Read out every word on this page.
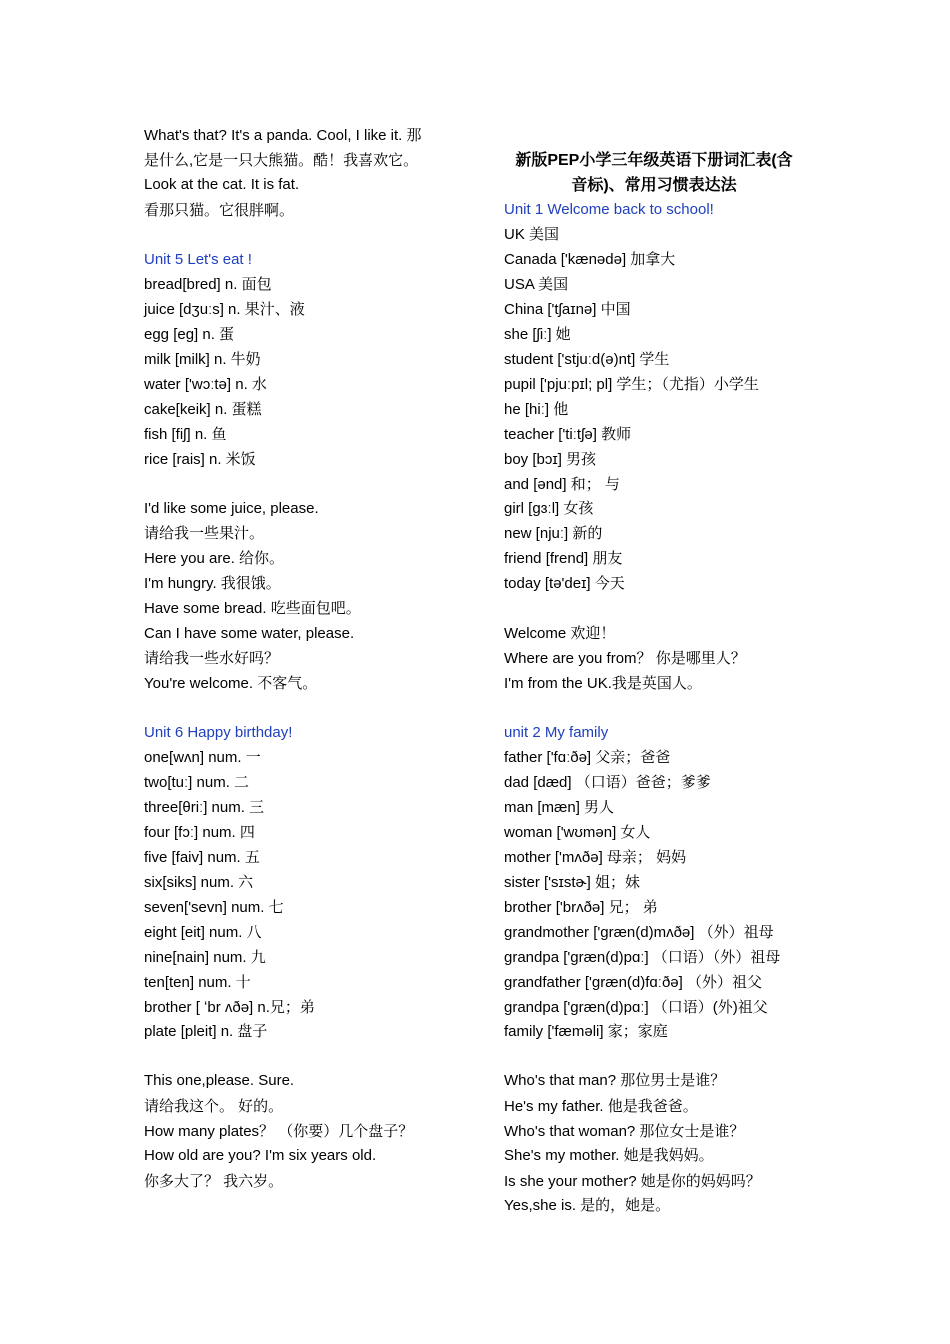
What's that? It's a panda. Cool, I like it. 那
是什么,它是一只大熊猫。酷！我喜欢它。
Look at the cat. It is fat.
看那只猫。它很胖啊。
Unit 5 Let's eat !
bread[bred] n. 面包
juice [dʒuːs] n. 果汁、液
egg [eg] n. 蛋
milk [milk] n. 牛奶
water ['wɔːtə] n. 水
cake[keik] n. 蛋糕
fish [fiʃ] n. 鱼
rice [rais] n. 米饭
I'd like some juice, please.
请给我一些果汁。
Here you are. 给你。
I'm hungry. 我很饿。
Have some bread. 吃些面包吧。
Can I have some water, please.
请给我一些水好吗？
You're welcome. 不客气。
Unit 6 Happy birthday!
one[wʌn] num. 一
two[tuː] num. 二
three[θriː] num. 三
four [fɔː] num. 四
five [faiv] num. 五
six[siks] num. 六
seven['sevn] num. 七
eight [eit] num. 八
nine[nain] num. 九
ten[ten] num. 十
brother [ ʻbr ʌðə] n.兄；弟
plate [pleit] n. 盘子
This one,please. Sure.
请给我这个。 好的。
How many plates？ （你要）几个盘子？
How old are you? I'm six years old.
你多大了？ 我六岁。
新版PEP小学三年级英语下册词汇表(含
音标)、常用习惯表达法
Unit 1 Welcome back to school!
UK 美国
Canada ['kænədə] 加拿大
USA 美国
China ['tʃaɪnə] 中国
she [ʃiː] 她
student ['stjuːd(ə)nt] 学生
pupil ['pjuːpɪl; pl] 学生；（尤指）小学生
he [hiː] 他
teacher ['tiːtʃə] 教师
boy [bɔɪ] 男孩
and [ənd] 和； 与
girl [gɜːl] 女孩
new [njuː] 新的
friend [frend] 朋友
today [tə'deɪ] 今天
Welcome 欢迎！
Where are you from？ 你是哪里人？
I'm from the UK.我是英国人。
unit 2 My family
father ['fɑːðə] 父亲；爸爸
dad [dæd] （口语）爸爸；爹爹
man [mæn] 男人
woman ['wʊmən] 女人
mother ['mʌðə] 母亲； 妈妈
sister ['sɪstɚ] 姐；妹
brother ['brʌðə] 兄； 弟
grandmother ['græn(d)mʌðə] （外）祖母
grandpa ['græn(d)pɑː] （口语）（外）祖母
grandfather ['græn(d)fɑːðə] （外）祖父
grandpa ['græn(d)pɑː] （口语）(外)祖父
family ['fæməli] 家；家庭
Who's that man? 那位男士是谁？
He's my father. 他是我爸爸。
Who's that woman? 那位女士是谁？
She's my mother. 她是我妈妈。
Is she your mother? 她是你的妈妈吗？
Yes,she is. 是的，她是。
